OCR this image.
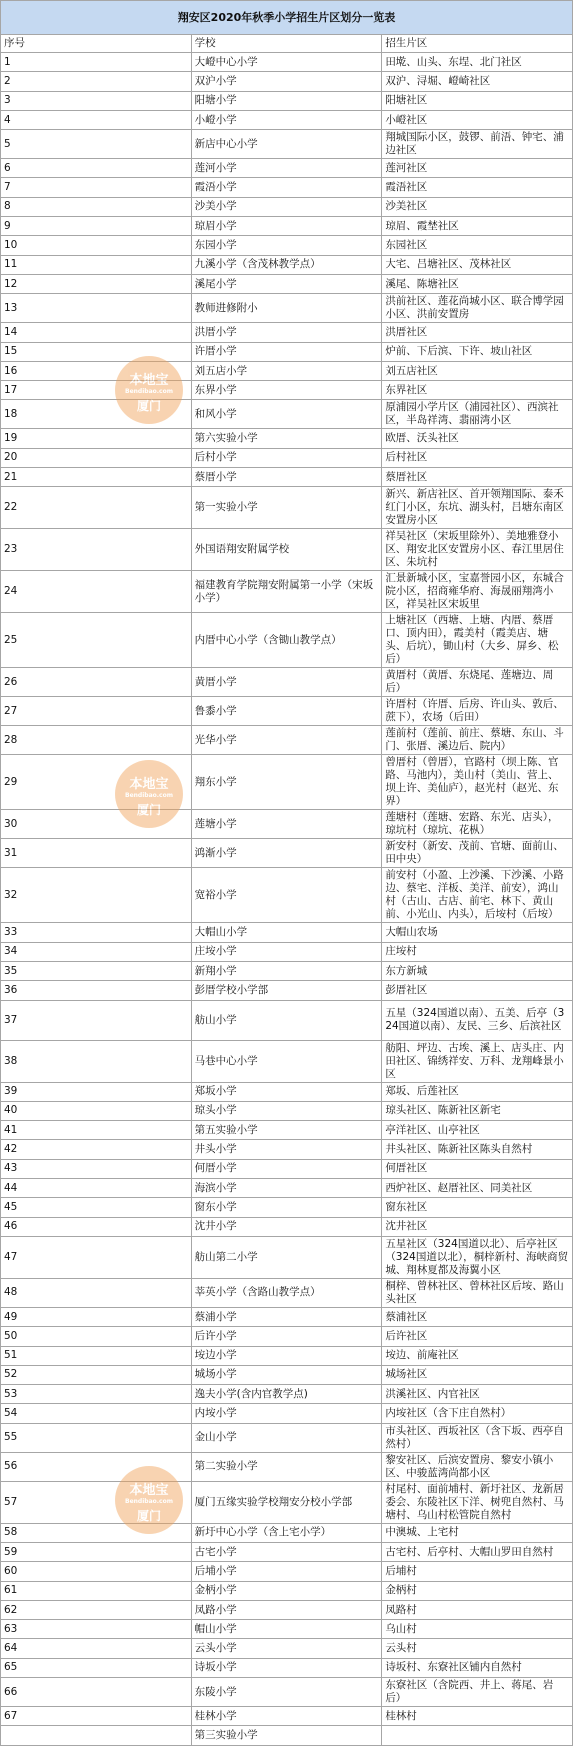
翔安区2020年秋季小学招生片区划分一览表		
序号	学校	招生片区
1	大嶝中心小学	田墘、山头、东埕、北门社区
2	双沪小学	双沪、浔堀、嶝崎社区
3	阳塘小学	阳塘社区
4	小嶝小学	小嶝社区
5	新店中心小学	翔城国际小区，鼓锣、前浯、钟宅、浦边社区
6	莲河小学	莲河社区
7	霞浯小学	霞浯社区
8	沙美小学	沙美社区
9	琼眉小学	琼眉、霞埜社区
10	东园小学	东园社区
11	九溪小学（含茂林教学点）	大宅、吕塘社区、茂林社区
12	溪尾小学	溪尾、陈塘社区
13	教师进修附小	洪前社区、莲花尚城小区、联合博学园小区、洪前安置房
14	洪厝小学	洪厝社区
15	许厝小学	炉前、下后滨、下许、坡山社区
16	刘五店小学	刘五店社区
17	东界小学	东界社区
18	和风小学	原浦园小学片区（浦园社区）、西滨社区，半岛祥湾、翡丽湾小区
19	第六实验小学	欧厝、沃头社区
20	后村小学	后村社区
21	蔡厝小学	蔡厝社区
22	第一实验小学	新兴、新店社区、首开领翔国际、泰禾红门小区，东坑、湖头村，吕塘东南区安置房小区
23	外国语翔安附属学校	祥吴社区（宋坂里除外）、美地雅登小区、翔安北区安置房小区、春江里居住区、朱坑村
24	福建教育学院翔安附属第一小学（宋坂小学）	汇景新城小区，宝嘉誉园小区，东城合院小区，招商雍华府、海晟丽翔湾小区，祥吴社区宋坂里
25	内厝中心小学（含锄山教学点）	上塘社区（西塘、上塘、内厝、蔡厝口、顶内田），霞美村（霞美店、塘头、后坑），锄山村（大乡、屏乡、松后）
26	黄厝小学	黄厝村（黄厝、东烧尾、莲塘边、周后）
27	鲁黍小学	许厝村（许厝、后房、许山头、敦后、蔗下），农场（后田）
28	光华小学	莲前村（莲前、前庄、蔡塘、东山、斗门、张厝、溪边后、院内）
29	翔东小学	曾厝村（曾厝），官路村（坝上陈、官路、马池内），美山村（美山、营上、坝上许、美仙庐），赵光村（赵光、东界）
30	莲塘小学	莲塘村（莲塘、宏路、东光、店头），琼坑村（琼坑、花枞）
31	鸿渐小学	新安村（新安、茂前、官塘、面前山、田中央）
32	宽裕小学	前安村（小盈、上沙溪、下沙溪、小路边、蔡宅、洋板、美洋、前安），鸿山村（古山、古店、前宅、林下、黄山前、小光山、内头），后垵村（后垵）
33	大帽山小学	大帽山农场
34	庄垵小学	庄垵村
35	新翔小学	东方新城
36	彭厝学校小学部	彭厝社区
37	舫山小学	五星（324国道以南）、五美、后亭（324国道以南）、友民、三乡、后滨社区
38	马巷中心小学	舫阳、坪边、古埃、溪上、店头庄、内田社区、锦绣祥安、万科、龙翔峰景小区
39	郑坂小学	郑坂、后莲社区
40	琼头小学	琼头社区、陈新社区新宅
41	第五实验小学	亭洋社区、山亭社区
42	井头小学	井头社区、陈新社区陈头自然村
43	何厝小学	何厝社区
44	海滨小学	西炉社区、赵厝社区、同美社区
45	窗东小学	窗东社区
46	沈井小学	沈井社区
47	舫山第二小学	五星社区（324国道以北）、后亭社区（324国道以北），桐梓新村、海峡商贸城、翔林夏都及海翼小区
48	莘英小学（含路山教学点）	桐梓、曾林社区、曾林社区后垵、路山头社区
49	蔡浦小学	蔡浦社区
50	后许小学	后许社区
51	垵边小学	垵边、前庵社区
52	城场小学	城场社区
53	逸夫小学(含内官教学点)	洪溪社区、内官社区
54	内垵小学	内垵社区（含下庄自然村）
55	金山小学	市头社区、西坂社区（含下坂、西亭自然村）
56	第二实验小学	黎安社区、后滨安置房、黎安小镇小区、中骏蓝湾尚都小区
57	厦门五缘实验学校翔安分校小学部	村尾村、面前埔村、新圩社区、龙新居委会、东陵社区下洋、树兜自然村、马塘村、乌山村松管院自然村
58	新圩中心小学（含上宅小学）	中澳城、上宅村
59	古宅小学	古宅村、后亭村、大帽山罗田自然村
60	后埔小学	后埔村
61	金柄小学	金柄村
62	凤路小学	凤路村
63	帽山小学	乌山村
64	云头小学	云头村
65	诗坂小学	诗坂村、东寮社区铺内自然村
66	东陵小学	东寮社区（含院西、井上、蒋尾、岩后）
67	桂林小学	桂林村
	第三实验小学	
本地宝
Bendibao.com
厦门
本地宝
Bendibao.com
厦门
本地宝
Bendibao.com
厦门
